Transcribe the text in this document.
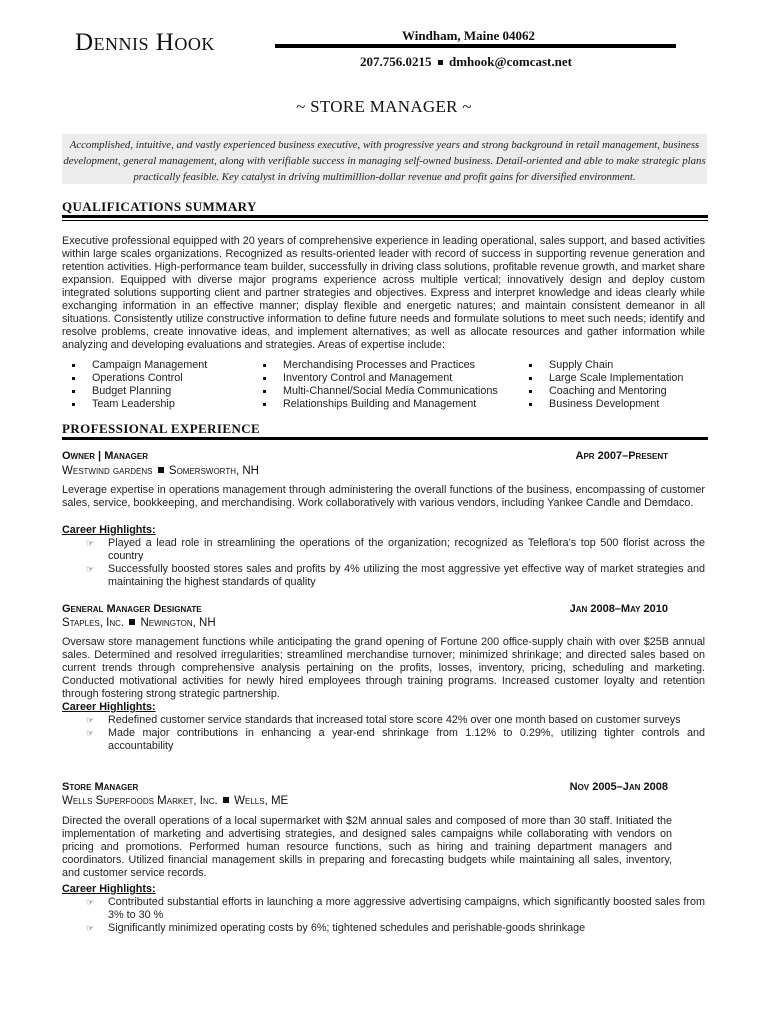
Dennis Hook	Windham, Maine 04062
207.756.0215 dmhook@comcast.net
~ STORE MANAGER ~
Accomplished, intuitive, and vastly experienced business executive, with progressive years and strong background in retail management, business development, general management, along with verifiable success in managing self-owned business. Detail-oriented and able to make strategic plans practically feasible. Key catalyst in driving multimillion-dollar revenue and profit gains for diversified environment.
QUALIFICATIONS SUMMARY
Executive professional equipped with 20 years of comprehensive experience in leading operational, sales support, and based activities within large scales organizations. Recognized as results-oriented leader with record of success in supporting revenue generation and retention activities. High-performance team builder, successfully in driving class solutions, profitable revenue growth, and market share expansion. Equipped with diverse major programs experience across multiple vertical; innovatively design and deploy custom integrated solutions supporting client and partner strategies and objectives. Express and interpret knowledge and ideas clearly while exchanging information in an effective manner; display flexible and energetic natures; and maintain consistent demeanor in all situations. Consistently utilize constructive information to define future needs and formulate solutions to meet such needs; identify and resolve problems, create innovative ideas, and implement alternatives; as well as allocate resources and gather information while analyzing and developing evaluations and strategies. Areas of expertise include:
Campaign Management
Operations Control
Budget Planning
Team Leadership
Merchandising Processes and Practices
Inventory Control and Management
Multi-Channel/Social Media Communications
Relationships Building and Management
Supply Chain
Large Scale Implementation
Coaching and Mentoring
Business Development
PROFESSIONAL EXPERIENCE
Owner | Manager	Apr 2007–Present
Westwind gardens Somersworth, NH
Leverage expertise in operations management through administering the overall functions of the business, encompassing of customer sales, service, bookkeeping, and merchandising. Work collaboratively with various vendors, including Yankee Candle and Demdaco.
Career Highlights:
☞ Played a lead role in streamlining the operations of the organization; recognized as Teleflora's top 500 florist across the country
☞ Successfully boosted stores sales and profits by 4% utilizing the most aggressive yet effective way of market strategies and maintaining the highest standards of quality
General Manager Designate	Jan 2008–May 2010
Staples, Inc. Newington, NH
Oversaw store management functions while anticipating the grand opening of Fortune 200 office-supply chain with over $25B annual sales. Determined and resolved irregularities; streamlined merchandise turnover; minimized shrinkage; and directed sales based on current trends through comprehensive analysis pertaining on the profits, losses, inventory, pricing, scheduling and marketing. Conducted motivational activities for newly hired employees through training programs. Increased customer loyalty and retention through fostering strong strategic partnership.
Career Highlights:
☞ Redefined customer service standards that increased total store score 42% over one month based on customer surveys
☞ Made major contributions in enhancing a year-end shrinkage from 1.12% to 0.29%, utilizing tighter controls and accountability
Store Manager	Nov 2005–Jan 2008
Wells Superfoods Market, Inc. Wells, ME
Directed the overall operations of a local supermarket with $2M annual sales and composed of more than 30 staff. Initiated the implementation of marketing and advertising strategies, and designed sales campaigns while collaborating with vendors on pricing and promotions. Performed human resource functions, such as hiring and training department managers and coordinators. Utilized financial management skills in preparing and forecasting budgets while maintaining all sales, inventory, and customer service records.
Career Highlights:
☞ Contributed substantial efforts in launching a more aggressive advertising campaigns, which significantly boosted sales from 3% to 30 %
☞ Significantly minimized operating costs by 6%; tightened schedules and perishable-goods shrinkage
